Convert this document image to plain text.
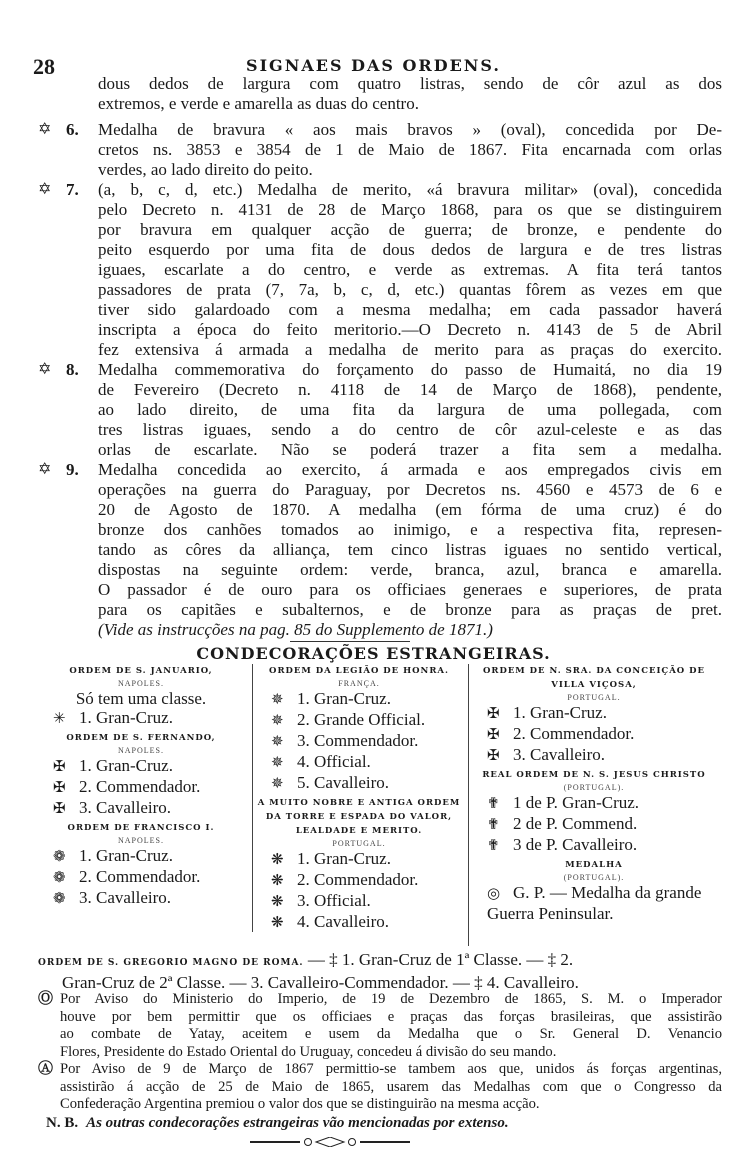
28	SIGNAES DAS ORDENS.
dous dedos de largura com quatro listras, sendo de côr azul as dos
extremos, e verde e amarella as duas do centro.
Medalha de bravura « aos mais bravos » (oval), concedida por De-
✡ 6.
cretos ns. 3853 e 3854 de 1 de Maio de 1867. Fita encarnada com orlas
verdes, ao lado direito do peito.
(a, b, c, d, etc.) Medalha de merito, «á bravura militar» (oval), concedida
✡ 7.
pelo Decreto n. 4131 de 28 de Março 1868, para os que se distinguirem
por bravura em qualquer acção de guerra; de bronze, e pendente do
peito esquerdo por uma fita de dous dedos de largura e de tres listras
iguaes, escarlate a do centro, e verde as extremas. A fita terá tantos
passadores de prata (7, 7a, b, c, d, etc.) quantas fôrem as vezes em que
tiver sido galardoado com a mesma medalha; em cada passador haverá
inscripta a época do feito meritorio.—O Decreto n. 4143 de 5 de Abril
fez extensiva á armada a medalha de merito para as praças do exercito.
Medalha commemorativa do forçamento do passo de Humaitá, no dia 19
✡ 8.
de Fevereiro (Decreto n. 4118 de 14 de Março de 1868), pendente,
ao lado direito, de uma fita da largura de uma pollegada, com
tres listras iguaes, sendo a do centro de côr azul-celeste e as das
orlas de escarlate. Não se poderá trazer a fita sem a medalha.
Medalha concedida ao exercito, á armada e aos empregados civis em
✡ 9.
operações na guerra do Paraguay, por Decretos ns. 4560 e 4573 de 6 e
20 de Agosto de 1870. A medalha (em fórma de uma cruz) é do
bronze dos canhões tomados ao inimigo, e a respectiva fita, represen-
tando as côres da alliança, tem cinco listras iguaes no sentido vertical,
dispostas na seguinte ordem: verde, branca, azul, branca e amarella.
O passador é de ouro para os officiaes generaes e superiores, de prata
para os capitães e subalternos, e de bronze para as praças de pret.
(Vide as instrucções na pag. 85 do Supplemento de 1871.)
CONDECORAÇÕES ESTRANGEIRAS.
ORDEM DE S. JANUARIO,
NAPOLES.
Só tem uma classe.
✳ 1. Gran-Cruz.
ORDEM DE S. FERNANDO,
NAPOLES.
✠ 1. Gran-Cruz.
✠ 2. Commendador.
✠ 3. Cavalleiro.
ORDEM DE FRANCISCO I.
NAPOLES.
❁ 1. Gran-Cruz.
❁ 2. Commendador.
❁ 3. Cavalleiro.
ORDEM DA LEGIÃO DE HONRA.
FRANÇA.
✵ 1. Gran-Cruz.
✵ 2. Grande Official.
✵ 3. Commendador.
✵ 4. Official.
✵ 5. Cavalleiro.
A MUITO NOBRE E ANTIGA ORDEM DA TORRE E ESPADA DO VALOR, LEALDADE E MERITO.
PORTUGAL.
❋ 1. Gran-Cruz.
❋ 2. Commendador.
❋ 3. Official.
❋ 4. Cavalleiro.
ORDEM DE N. SRA. DA CONCEIÇÃO DE VILLA VIÇOSA,
PORTUGAL.
✠ 1. Gran-Cruz.
✠ 2. Commendador.
✠ 3. Cavalleiro.
REAL ORDEM DE N. S. JESUS CHRISTO
(PORTUGAL).
✟ 1 de P. Gran-Cruz.
✟ 2 de P. Commend.
✟ 3 de P. Cavalleiro.
MEDALHA
(PORTUGAL).
◎ G. P. — Medalha da grande Guerra Peninsular.
ORDEM DE S. GREGORIO MAGNO DE ROMA. — ‡ 1. Gran-Cruz de 1ª Classe. — ‡ 2.
Gran-Cruz de 2ª Classe. — 3. Cavalleiro-Commendador. — ‡ 4. Cavalleiro.
Ⓞ Por Aviso do Ministerio do Imperio, de 19 de Dezembro de 1865, S. M. o Imperador
houve por bem permittir que os officiaes e praças das forças brasileiras, que assistirão
ao combate de Yatay, aceitem e usem da Medalha que o Sr. General D. Venancio
Flores, Presidente do Estado Oriental do Uruguay, concedeu á divisão do seu mando.
Ⓐ Por Aviso de 9 de Março de 1867 permittio-se tambem aos que, unidos ás forças argentinas,
assistirão á acção de 25 de Maio de 1865, usarem das Medalhas com que o Congresso da
Confederação Argentina premiou o valor dos que se distinguirão na mesma acção.
N. B. As outras condecorações estrangeiras vão mencionadas por extenso.
